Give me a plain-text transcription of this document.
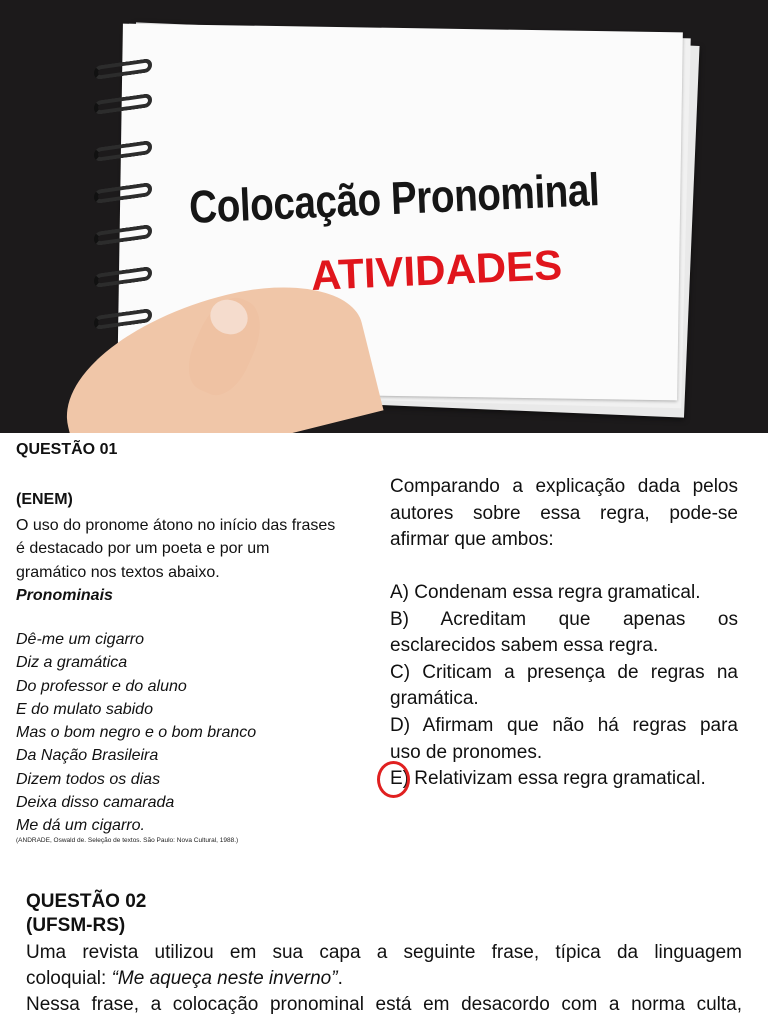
Colocação Pronominal
ATIVIDADES
QUESTÃO 01
(ENEM)
O uso do pronome átono no início das frases
é destacado por um poeta e por um
gramático nos textos abaixo.
Pronominais
Dê-me um cigarro
Diz a gramática
Do professor e do aluno
E do mulato sabido
Mas o bom negro e o bom branco
Da Nação Brasileira
Dizem todos os dias
Deixa disso camarada
Me dá um cigarro.
(ANDRADE, Oswald de. Seleção de textos. São Paulo: Nova Cultural, 1988.)
Comparando a explicação dada pelos
autores sobre essa regra, pode-se
afirmar que ambos:
A) Condenam essa regra gramatical.
B) Acreditam que apenas os
esclarecidos sabem essa regra.
C) Criticam a presença de regras na
gramática.
D) Afirmam que não há regras para
uso de pronomes.
E) Relativizam essa regra gramatical.
QUESTÃO 02
(UFSM-RS)
Uma revista utilizou em sua capa a seguinte frase, típica da linguagem
coloquial: “Me aqueça neste inverno”.
Nessa frase, a colocação pronominal está em desacordo com a norma culta,
